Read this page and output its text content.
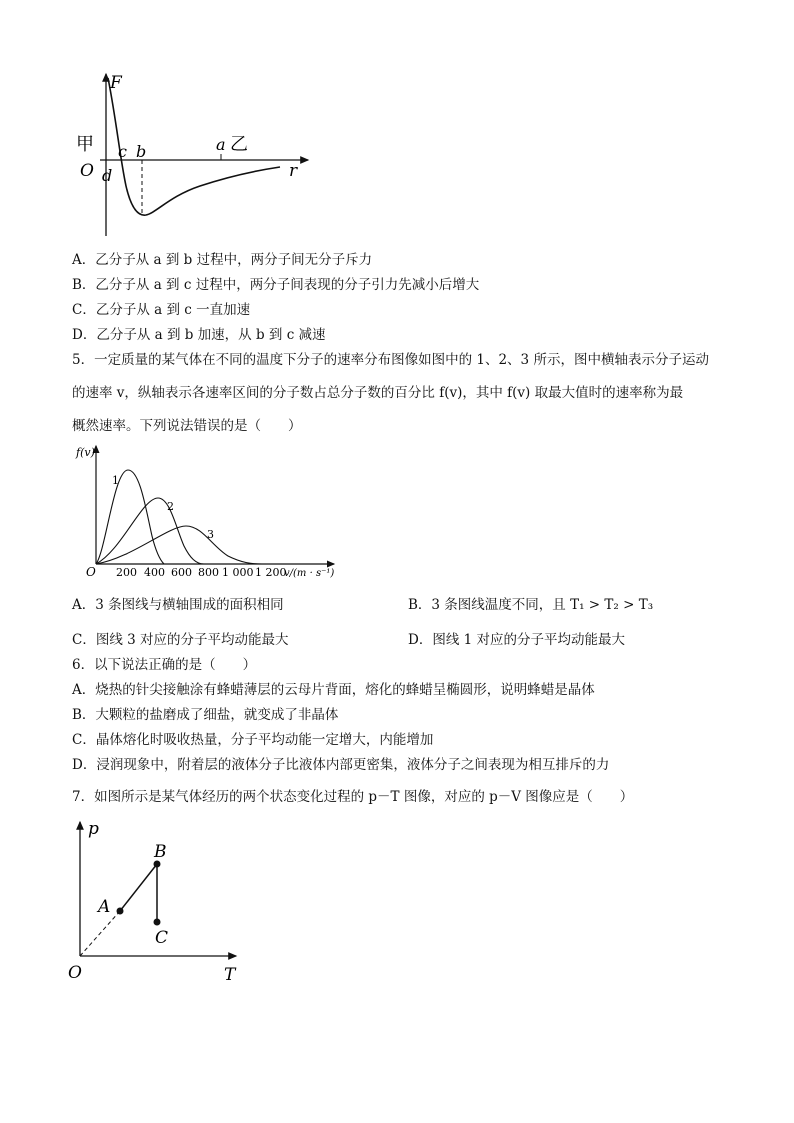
F
甲
O
c b
d
a 乙
r
A．乙分子从 a 到 b 过程中，两分子间无分子斥力
B．乙分子从 a 到 c 过程中，两分子间表现的分子引力先减小后增大
C．乙分子从 a 到 c 一直加速
D．乙分子从 a 到 b 加速，从 b 到 c 减速
5．一定质量的某气体在不同的温度下分子的速率分布图像如图中的 1、2、3 所示，图中横轴表示分子运动
的速率 v，纵轴表示各速率区间的分子数占总分子数的百分比 f(v)，其中 f(v) 取最大值时的速率称为最
概然速率。下列说法错误的是（　　）
f(v)
O 200 400 600 800 1 000 1 200
v/(m · s⁻¹)
1
2
3
A．3 条图线与横轴围成的面积相同	B．3 条图线温度不同，且 T₁ > T₂ > T₃
C．图线 3 对应的分子平均动能最大	D．图线 1 对应的分子平均动能最大
6．以下说法正确的是（　　）
A．烧热的针尖接触涂有蜂蜡薄层的云母片背面，熔化的蜂蜡呈椭圆形，说明蜂蜡是晶体
B．大颗粒的盐磨成了细盐，就变成了非晶体
C．晶体熔化时吸收热量，分子平均动能一定增大，内能增加
D．浸润现象中，附着层的液体分子比液体内部更密集，液体分子之间表现为相互排斥的力
7．如图所示是某气体经历的两个状态变化过程的 p－T 图像，对应的 p－V 图像应是（　　）
p
T
O
A
B
C
